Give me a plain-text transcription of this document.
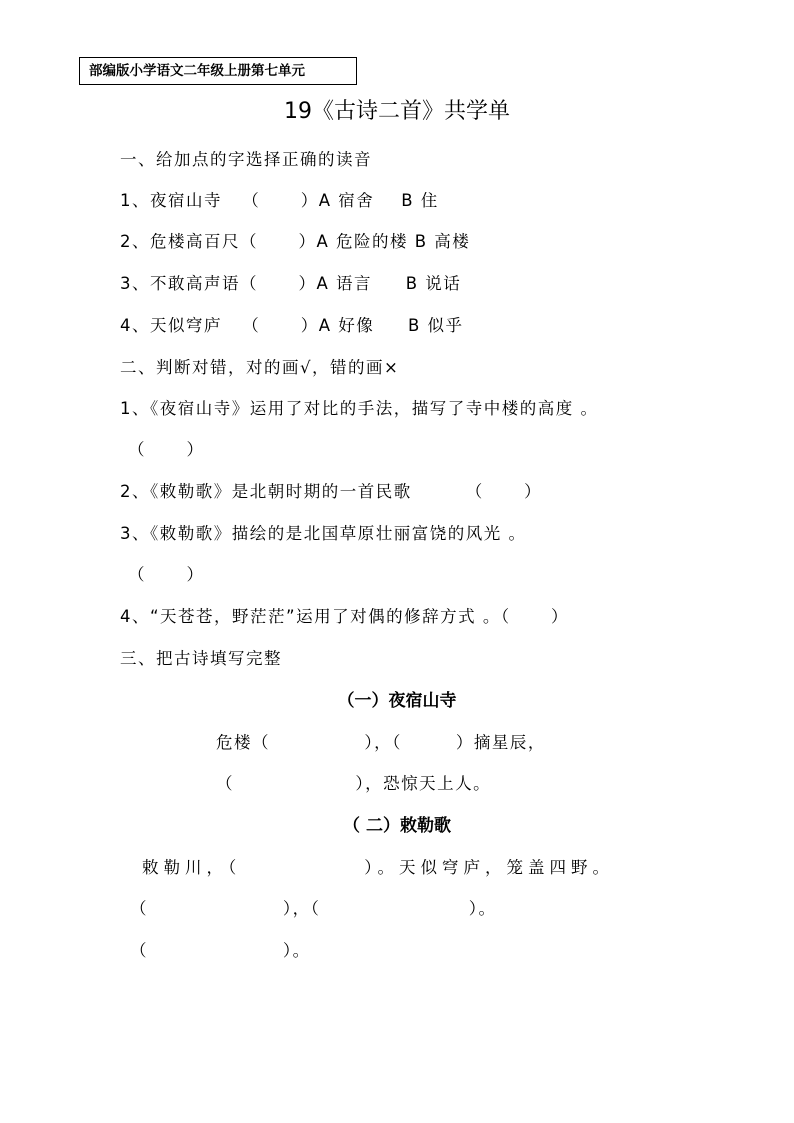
部编版小学语文二年级上册第七单元
19《古诗二首》共学单
一、给加点的字选择正确的读音
1、夜宿山寺   （      ）A 宿舍    B 住
2、危楼高百尺（      ）A 危险的楼 B 高楼
3、不敢高声语（      ）A 语言     B 说话
4、天似穹庐   （      ）A 好像     B 似乎
二、判断对错，对的画√，错的画×
1、《夜宿山寺》运用了对比的手法，描写了寺中楼的高度 。
（      ）
2、《敕勒歌》是北朝时期的一首民歌        （      ）
3、《敕勒歌》描绘的是北国草原壮丽富饶的风光 。
（      ）
4、“天苍苍，野茫茫”运用了对偶的修辞方式 。（      ）
三、把古诗填写完整
（一）夜宿山寺
危楼（              ），（        ）摘星辰，
（                  ），恐惊天上人。
（ 二）敕勒歌
敕勒川，（            ）。天似穹庐，笼盖四野。
（                    ），（                      ）。
（                    ）。
